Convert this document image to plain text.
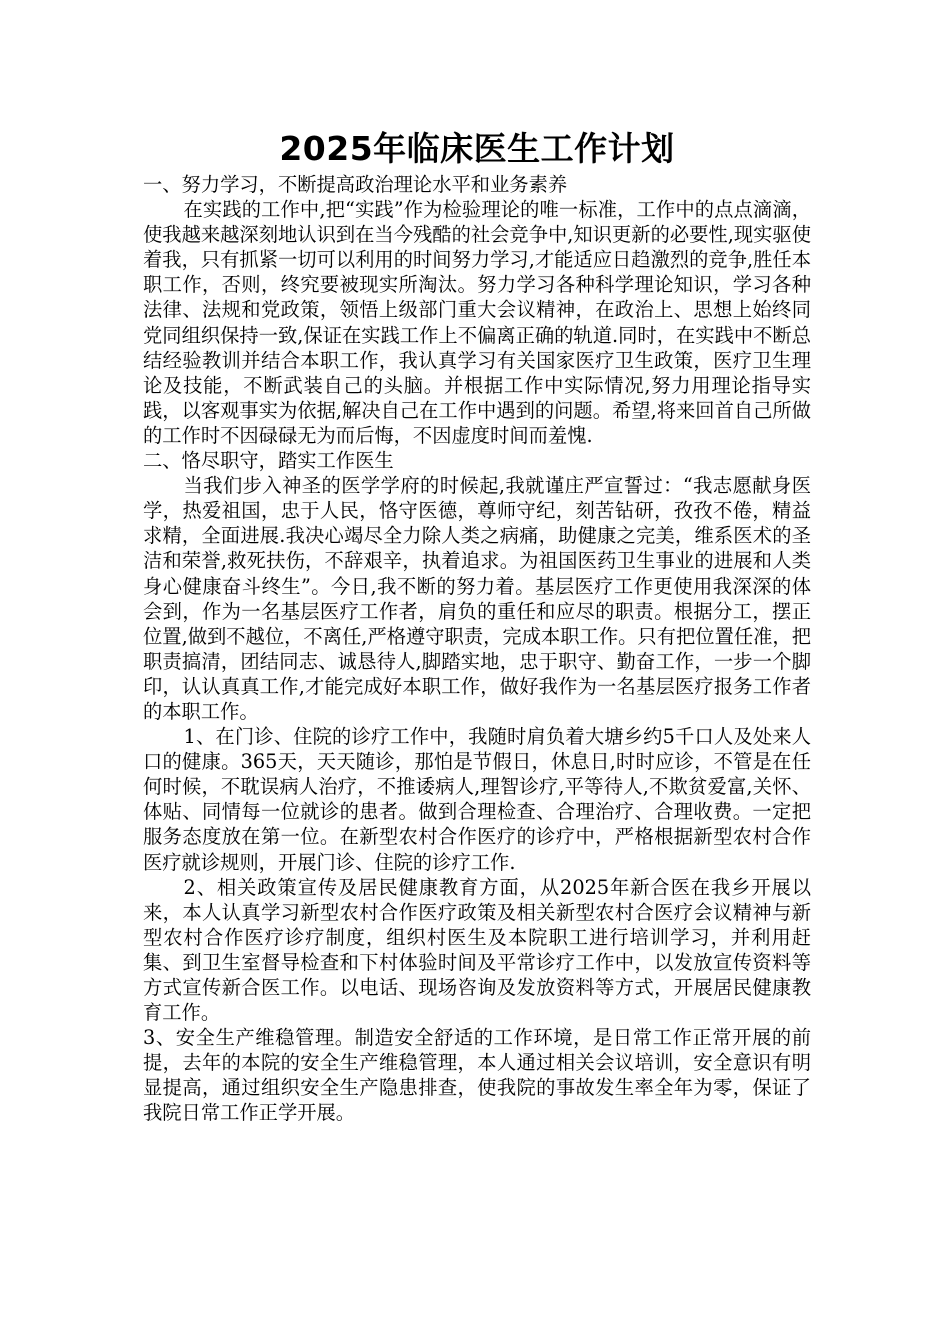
2025年临床医生工作计划

一、努力学习，不断提高政治理论水平和业务素养

在实践的工作中,把“实践”作为检验理论的唯一标准，工作中的点点滴滴，使我越来越深刻地认识到在当今残酷的社会竞争中,知识更新的必要性,现实驱使着我，只有抓紧一切可以利用的时间努力学习,才能适应日趋激烈的竞争,胜任本职工作，否则，终究要被现实所淘汰。努力学习各种科学理论知识，学习各种法律、法规和党政策，领悟上级部门重大会议精神，在政治上、思想上始终同党同组织保持一致,保证在实践工作上不偏离正确的轨道.同时，在实践中不断总结经验教训并结合本职工作，我认真学习有关国家医疗卫生政策，医疗卫生理论及技能，不断武装自己的头脑。并根据工作中实际情况,努力用理论指导实践，以客观事实为依据,解决自己在工作中遇到的问题。希望,将来回首自己所做的工作时不因碌碌无为而后悔，不因虚度时间而羞愧.

二、恪尽职守，踏实工作医生

当我们步入神圣的医学学府的时候起,我就谨庄严宣誓过：“我志愿献身医学，热爱祖国，忠于人民，恪守医德，尊师守纪，刻苦钻研，孜孜不倦，精益求精，全面进展.我决心竭尽全力除人类之病痛，助健康之完美，维系医术的圣洁和荣誉,救死扶伤，不辞艰辛，执着追求。为祖国医药卫生事业的进展和人类身心健康奋斗终生”。今日,我不断的努力着。基层医疗工作更使用我深深的体会到，作为一名基层医疗工作者，肩负的重任和应尽的职责。根据分工，摆正位置,做到不越位，不离任,严格遵守职责，完成本职工作。只有把位置任准，把职责搞清，团结同志、诚恳待人,脚踏实地，忠于职守、勤奋工作，一步一个脚印，认认真真工作,才能完成好本职工作，做好我作为一名基层医疗报务工作者的本职工作。

1、在门诊、住院的诊疗工作中，我随时肩负着大塘乡约5千口人及处来人口的健康。365天，天天随诊，那怕是节假日，休息日,时时应诊，不管是在任何时候，不耽误病人治疗，不推诿病人,理智诊疗,平等待人,不欺贫爱富,关怀、体贴、同情每一位就诊的患者。做到合理检查、合理治疗、合理收费。一定把服务态度放在第一位。在新型农村合作医疗的诊疗中，严格根据新型农村合作医疗就诊规则，开展门诊、住院的诊疗工作.

2、相关政策宣传及居民健康教育方面，从2025年新合医在我乡开展以来，本人认真学习新型农村合作医疗政策及相关新型农村合医疗会议精神与新型农村合作医疗诊疗制度，组织村医生及本院职工进行培训学习，并利用赶集、到卫生室督导检查和下村体验时间及平常诊疗工作中，以发放宣传资料等方式宣传新合医工作。以电话、现场咨询及发放资料等方式，开展居民健康教育工作。

3、安全生产维稳管理。制造安全舒适的工作环境，是日常工作正常开展的前提，去年的本院的安全生产维稳管理，本人通过相关会议培训，安全意识有明显提高，通过组织安全生产隐患排查，使我院的事故发生率全年为零，保证了我院日常工作正学开展。
